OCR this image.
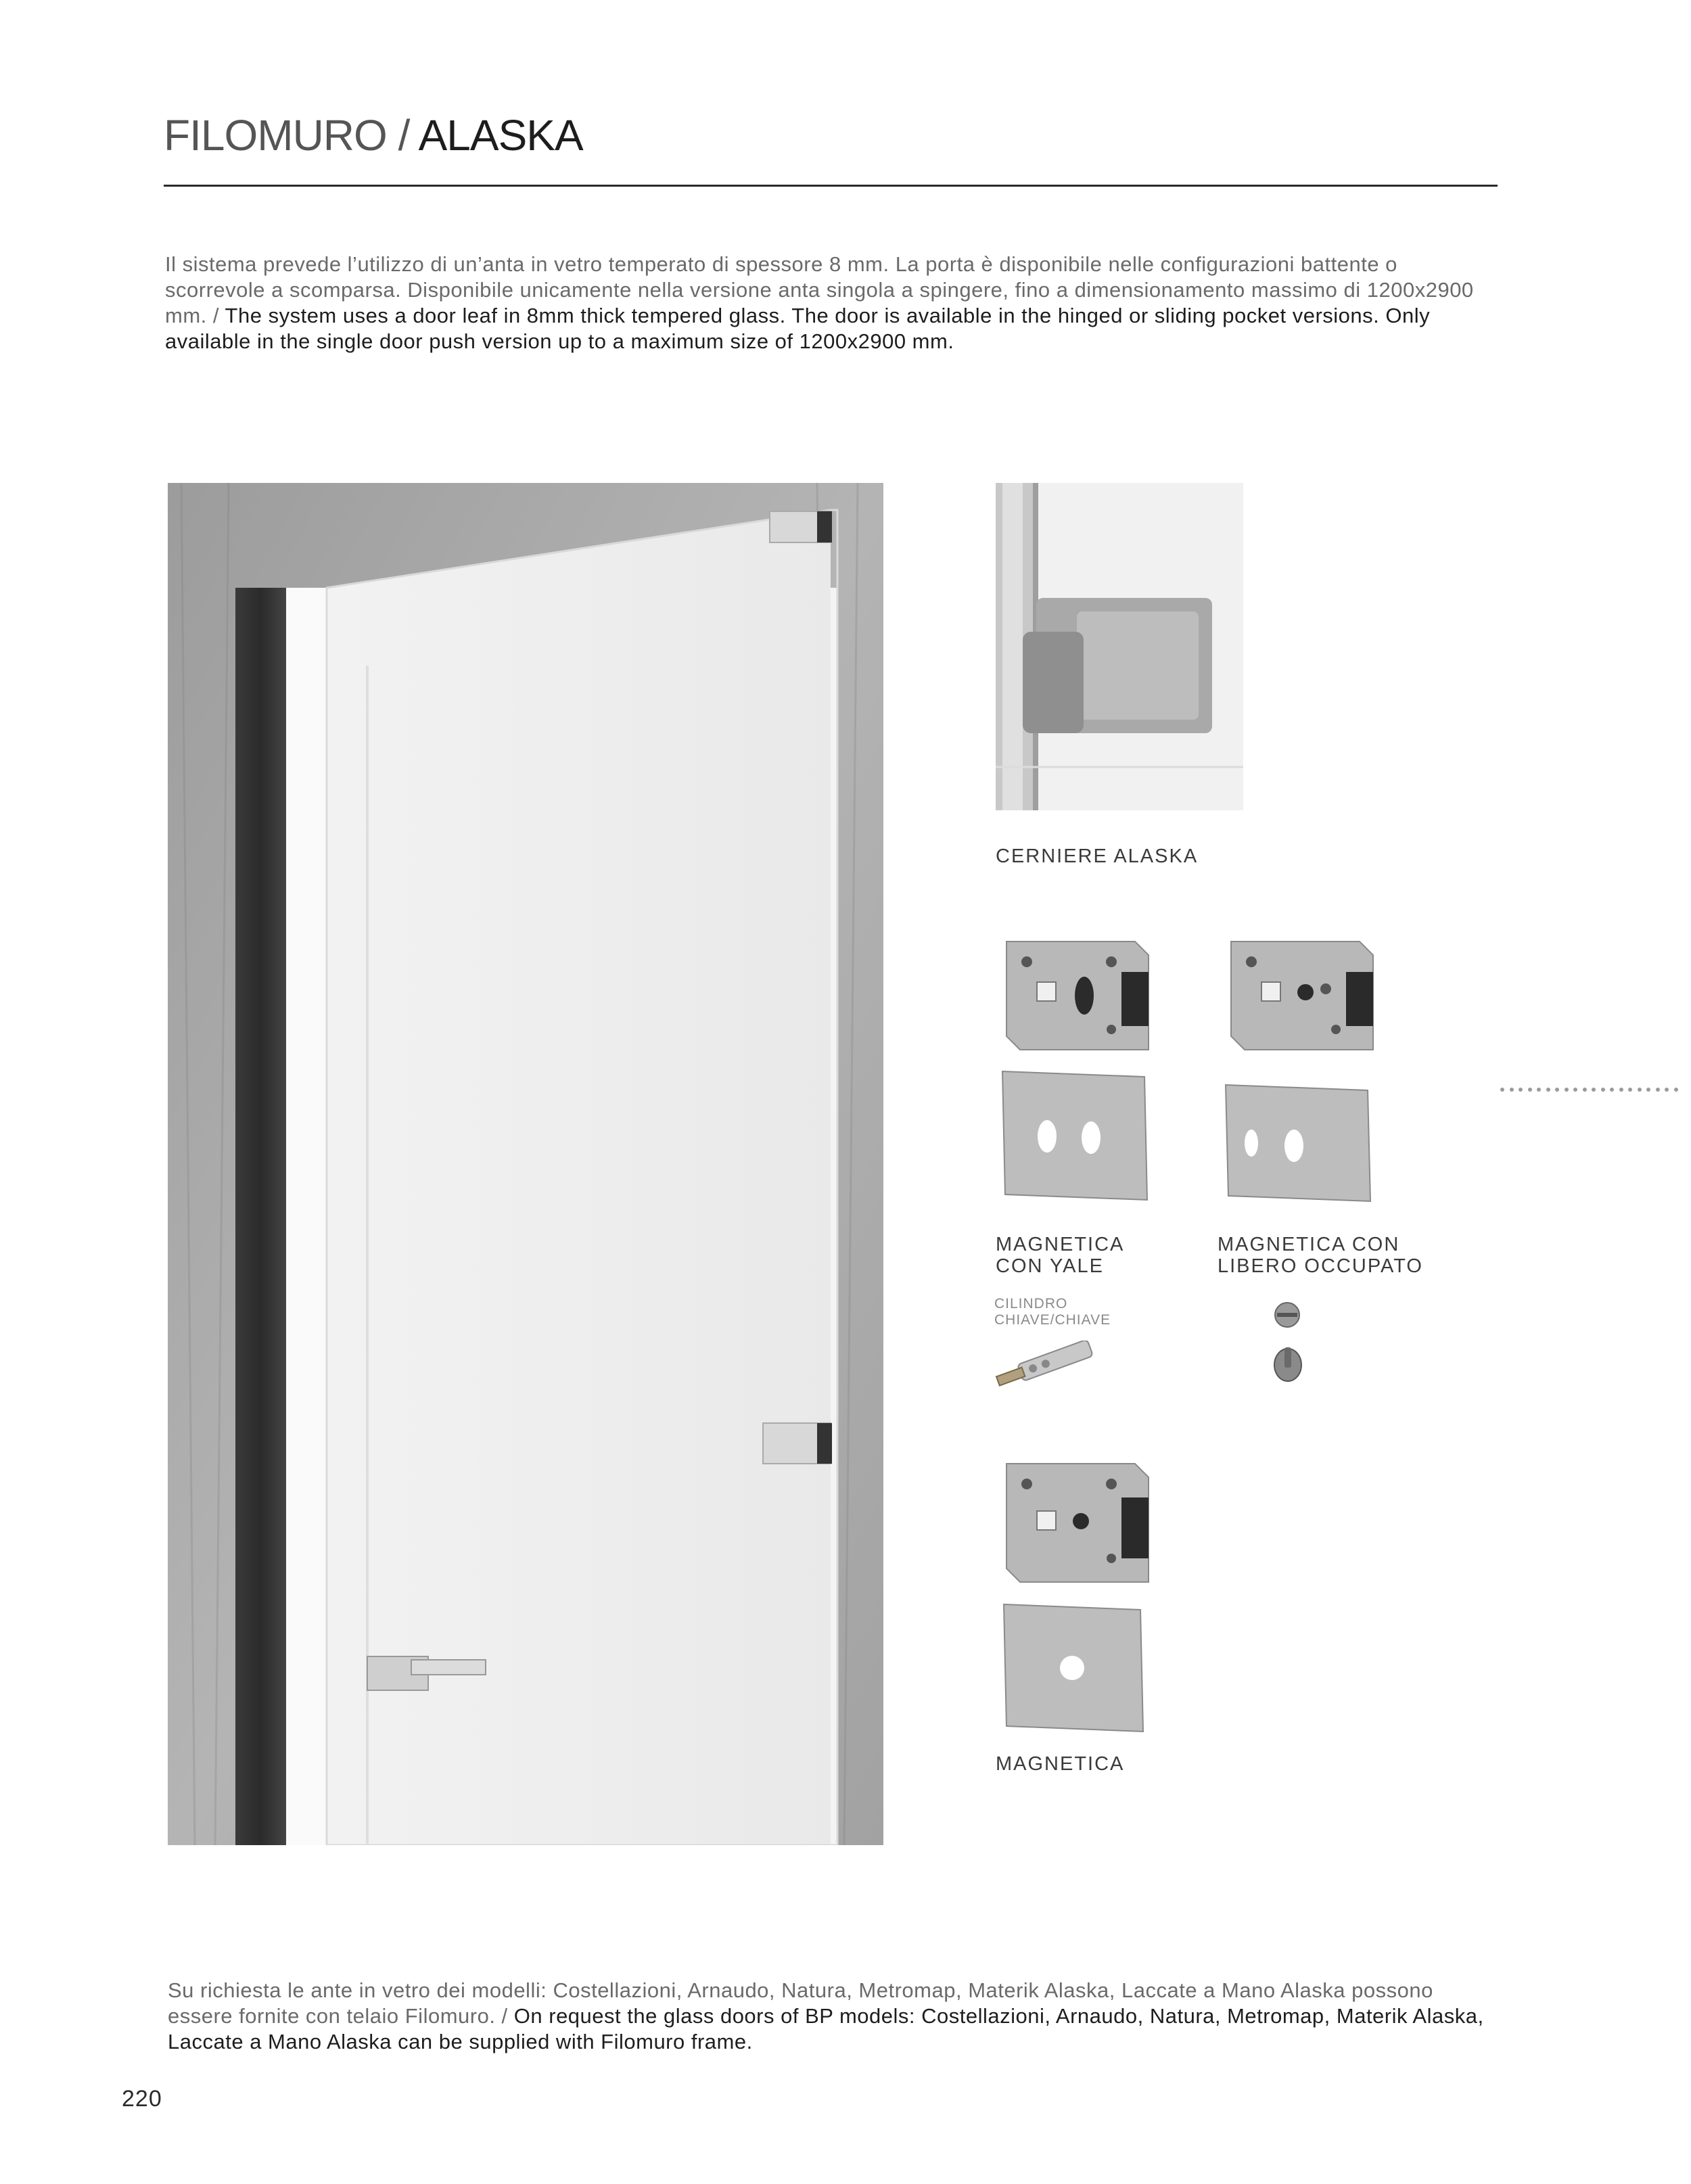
FILOMURO / ALASKA
Il sistema prevede l’utilizzo di un’anta in vetro temperato di spessore 8 mm. La porta è disponibile nelle configurazioni battente o scorrevole a scomparsa. Disponibile unicamente nella versione anta singola a spingere, fino a dimensionamento massimo di 1200x2900 mm. / The system uses a door leaf in 8mm thick tempered glass. The door is available in the hinged or sliding pocket versions. Only available in the single door push version up to a maximum size of 1200x2900 mm.
CERNIERE ALASKA
MAGNETICA
CON YALE
CILINDRO
CHIAVE/CHIAVE
MAGNETICA CON
LIBERO OCCUPATO
MAGNETICA
Su richiesta le ante in vetro dei modelli: Costellazioni, Arnaudo, Natura, Metromap, Materik Alaska, Laccate a Mano Alaska possono essere fornite con telaio Filomuro. / On request the glass doors of BP models: Costellazioni, Arnaudo, Natura, Metromap, Materik Alaska, Laccate a Mano Alaska can be supplied with Filomuro frame.
220
